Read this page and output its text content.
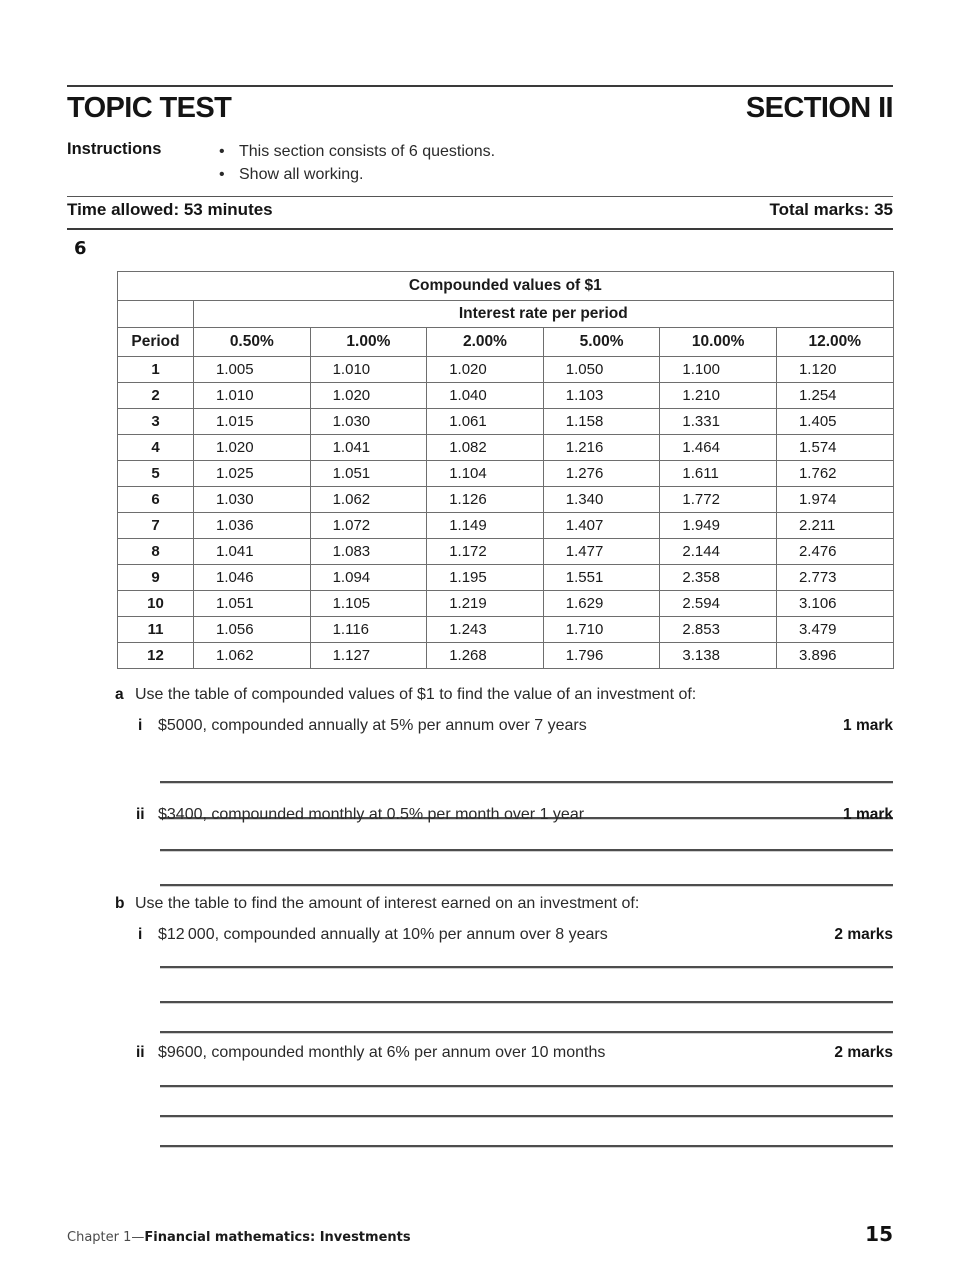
TOPIC TEST	SECTION II
Instructions	• This section consists of 6 questions.
• Show all working.
Time allowed: 53 minutes	Total marks: 35
6
Compounded values of $1						
	Interest rate per period					
Period	0.50%	1.00%	2.00%	5.00%	10.00%	12.00%
1	1.005	1.010	1.020	1.050	1.100	1.120
2	1.010	1.020	1.040	1.103	1.210	1.254
3	1.015	1.030	1.061	1.158	1.331	1.405
4	1.020	1.041	1.082	1.216	1.464	1.574
5	1.025	1.051	1.104	1.276	1.611	1.762
6	1.030	1.062	1.126	1.340	1.772	1.974
7	1.036	1.072	1.149	1.407	1.949	2.211
8	1.041	1.083	1.172	1.477	2.144	2.476
9	1.046	1.094	1.195	1.551	2.358	2.773
10	1.051	1.105	1.219	1.629	2.594	3.106
11	1.056	1.116	1.243	1.710	2.853	3.479
12	1.062	1.127	1.268	1.796	3.138	3.896
a Use the table of compounded values of $1 to find the value of an investment of:
i $5000, compounded annually at 5% per annum over 7 years	1 mark
ii $3400, compounded monthly at 0.5% per month over 1 year	1 mark
b Use the table to find the amount of interest earned on an investment of:
i $12 000, compounded annually at 10% per annum over 8 years	2 marks
ii $9600, compounded monthly at 6% per annum over 10 months	2 marks
Chapter 1—Financial mathematics: Investments	15
